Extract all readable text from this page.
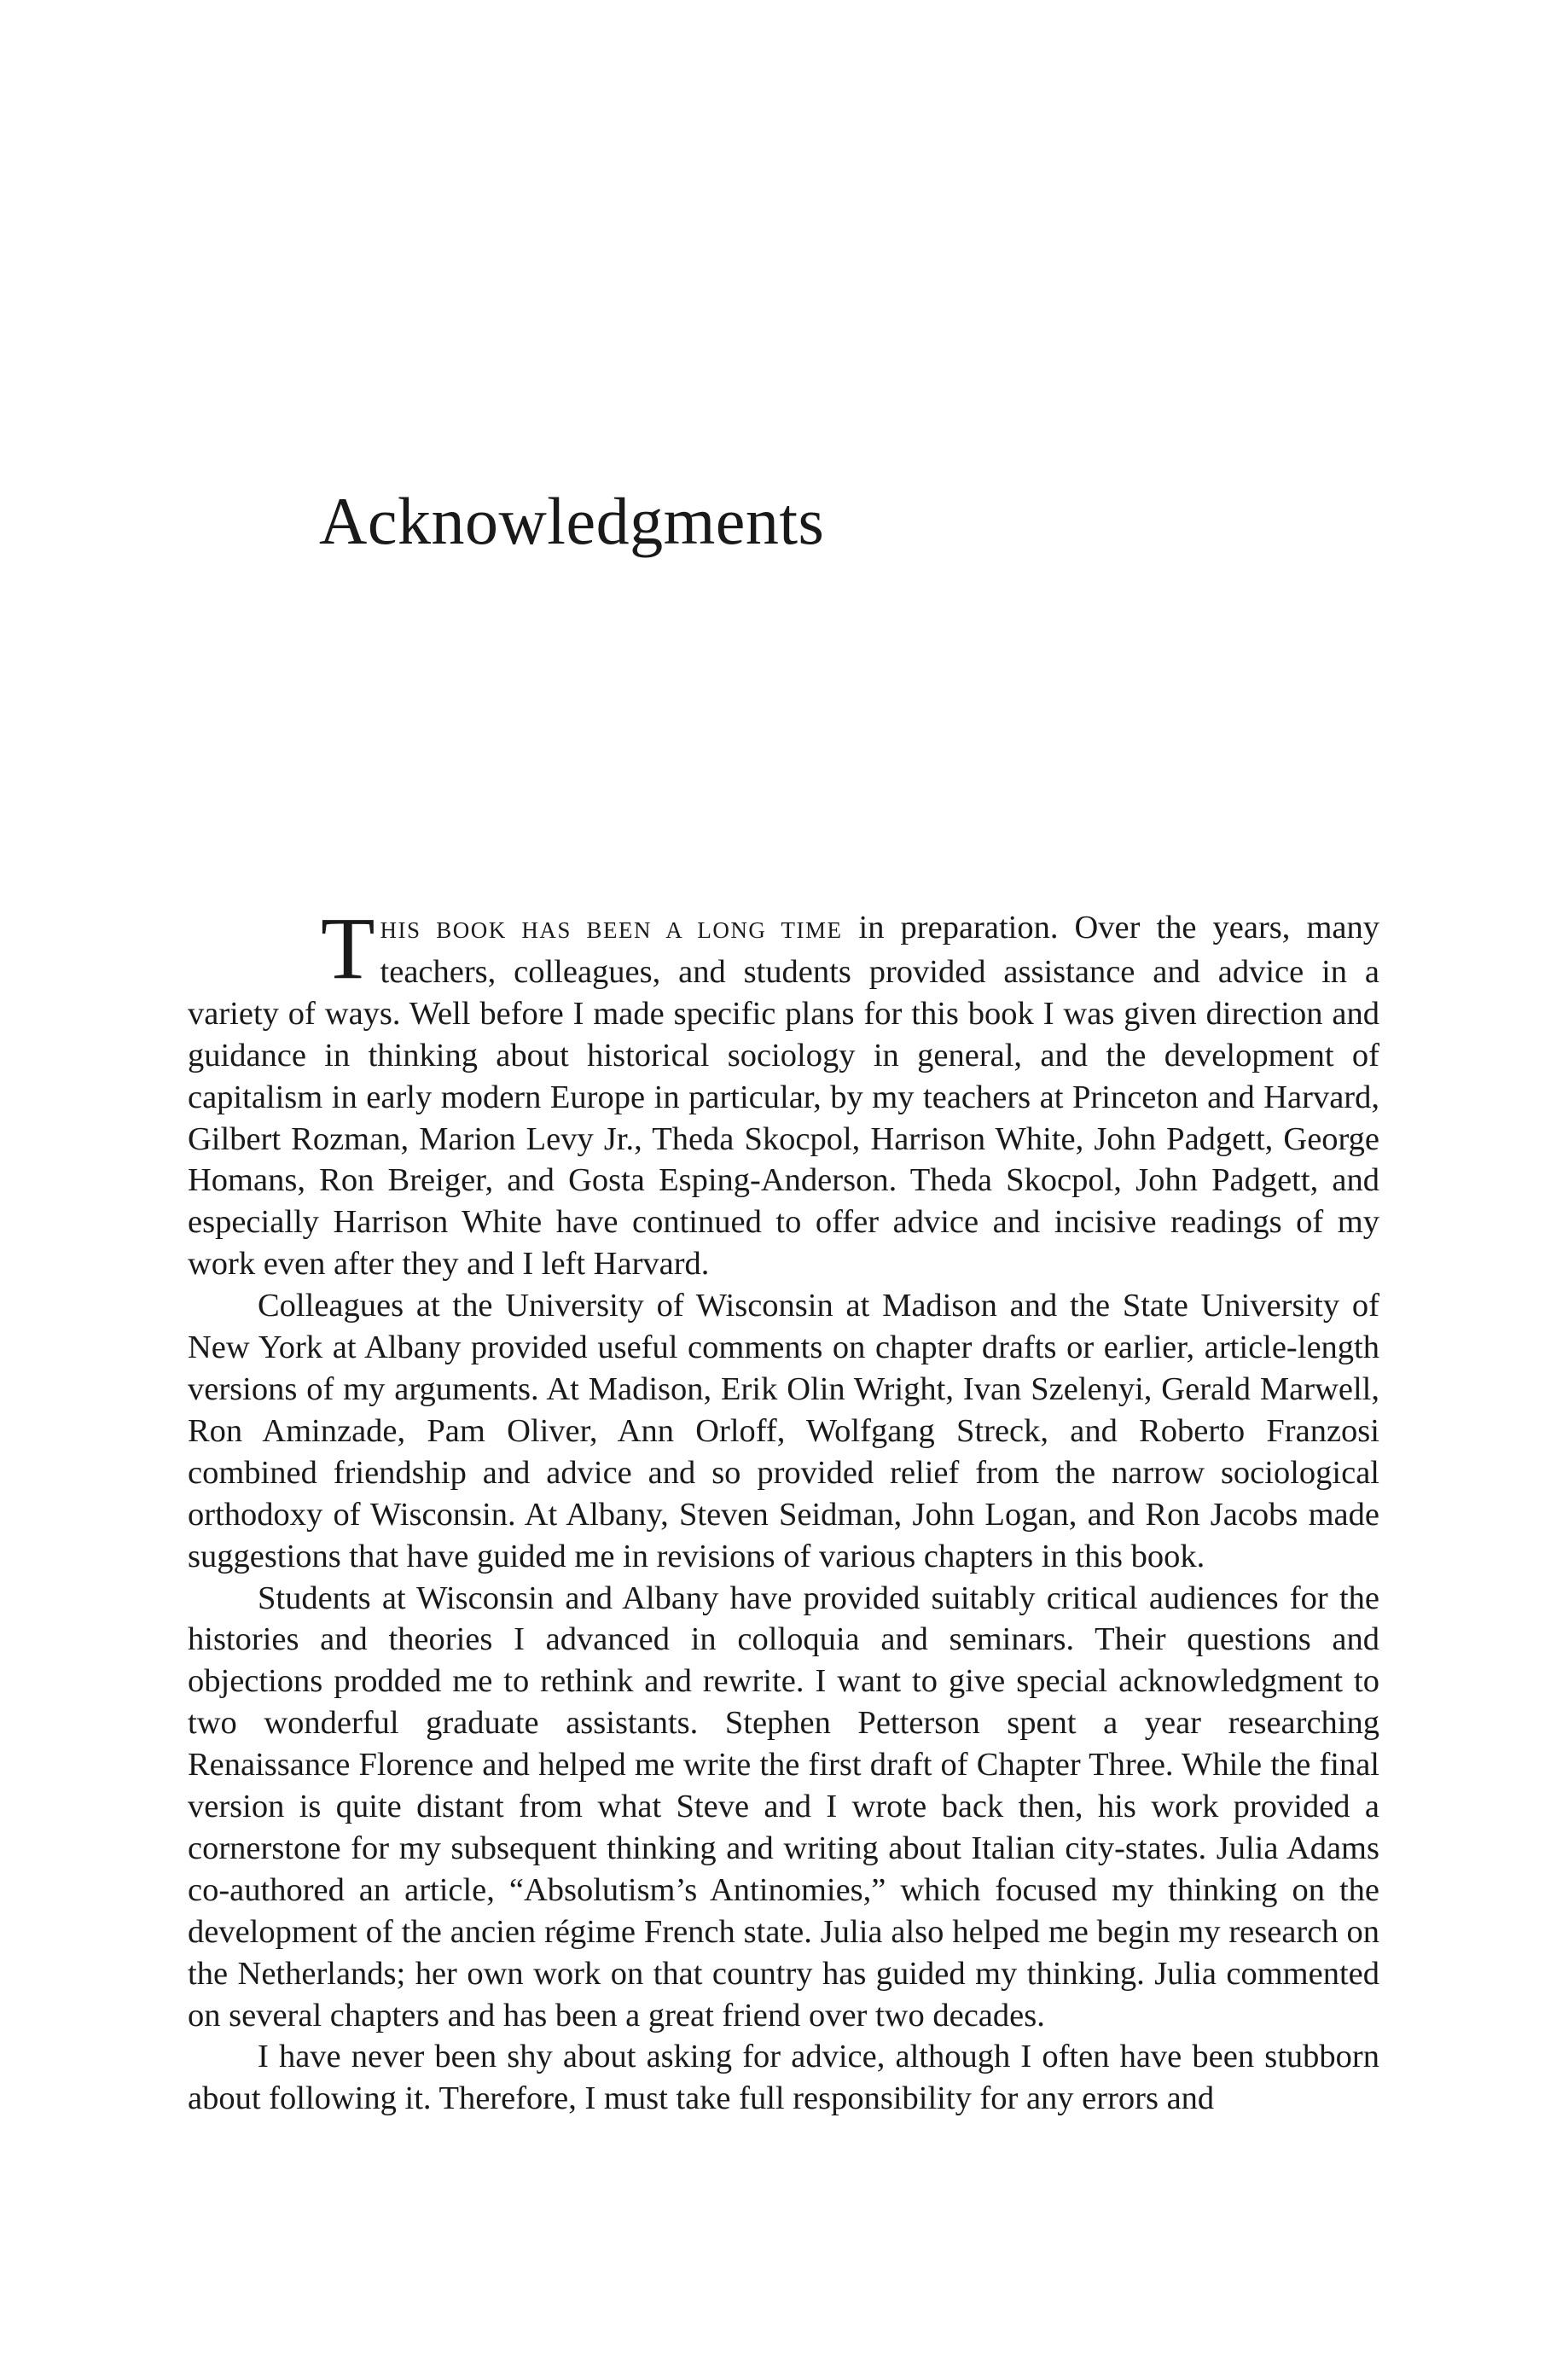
Acknowledgments

THIS BOOK HAS BEEN A LONG TIME in preparation. Over the years, many teachers, colleagues, and students provided assistance and advice in a variety of ways. Well before I made specific plans for this book I was given direction and guidance in thinking about historical sociology in general, and the development of capitalism in early modern Europe in particular, by my teachers at Princeton and Harvard, Gilbert Rozman, Marion Levy Jr., Theda Skocpol, Harrison White, John Padgett, George Homans, Ron Breiger, and Gosta Esping-Anderson. Theda Skocpol, John Padgett, and especially Harrison White have continued to offer advice and incisive readings of my work even after they and I left Harvard.

Colleagues at the University of Wisconsin at Madison and the State University of New York at Albany provided useful comments on chapter drafts or earlier, article-length versions of my arguments. At Madison, Erik Olin Wright, Ivan Szelenyi, Gerald Marwell, Ron Aminzade, Pam Oliver, Ann Orloff, Wolfgang Streck, and Roberto Franzosi combined friendship and advice and so provided relief from the narrow sociological orthodoxy of Wisconsin. At Albany, Steven Seidman, John Logan, and Ron Jacobs made suggestions that have guided me in revisions of various chapters in this book.

Students at Wisconsin and Albany have provided suitably critical audiences for the histories and theories I advanced in colloquia and seminars. Their questions and objections prodded me to rethink and rewrite. I want to give special acknowledgment to two wonderful graduate assistants. Stephen Petterson spent a year researching Renaissance Florence and helped me write the first draft of Chapter Three. While the final version is quite distant from what Steve and I wrote back then, his work provided a cornerstone for my subsequent thinking and writing about Italian city-states. Julia Adams co-authored an article, “Absolutism’s Antinomies,” which focused my thinking on the development of the ancien régime French state. Julia also helped me begin my research on the Netherlands; her own work on that country has guided my thinking. Julia commented on several chapters and has been a great friend over two decades.

I have never been shy about asking for advice, although I often have been stubborn about following it. Therefore, I must take full responsibility for any errors and
